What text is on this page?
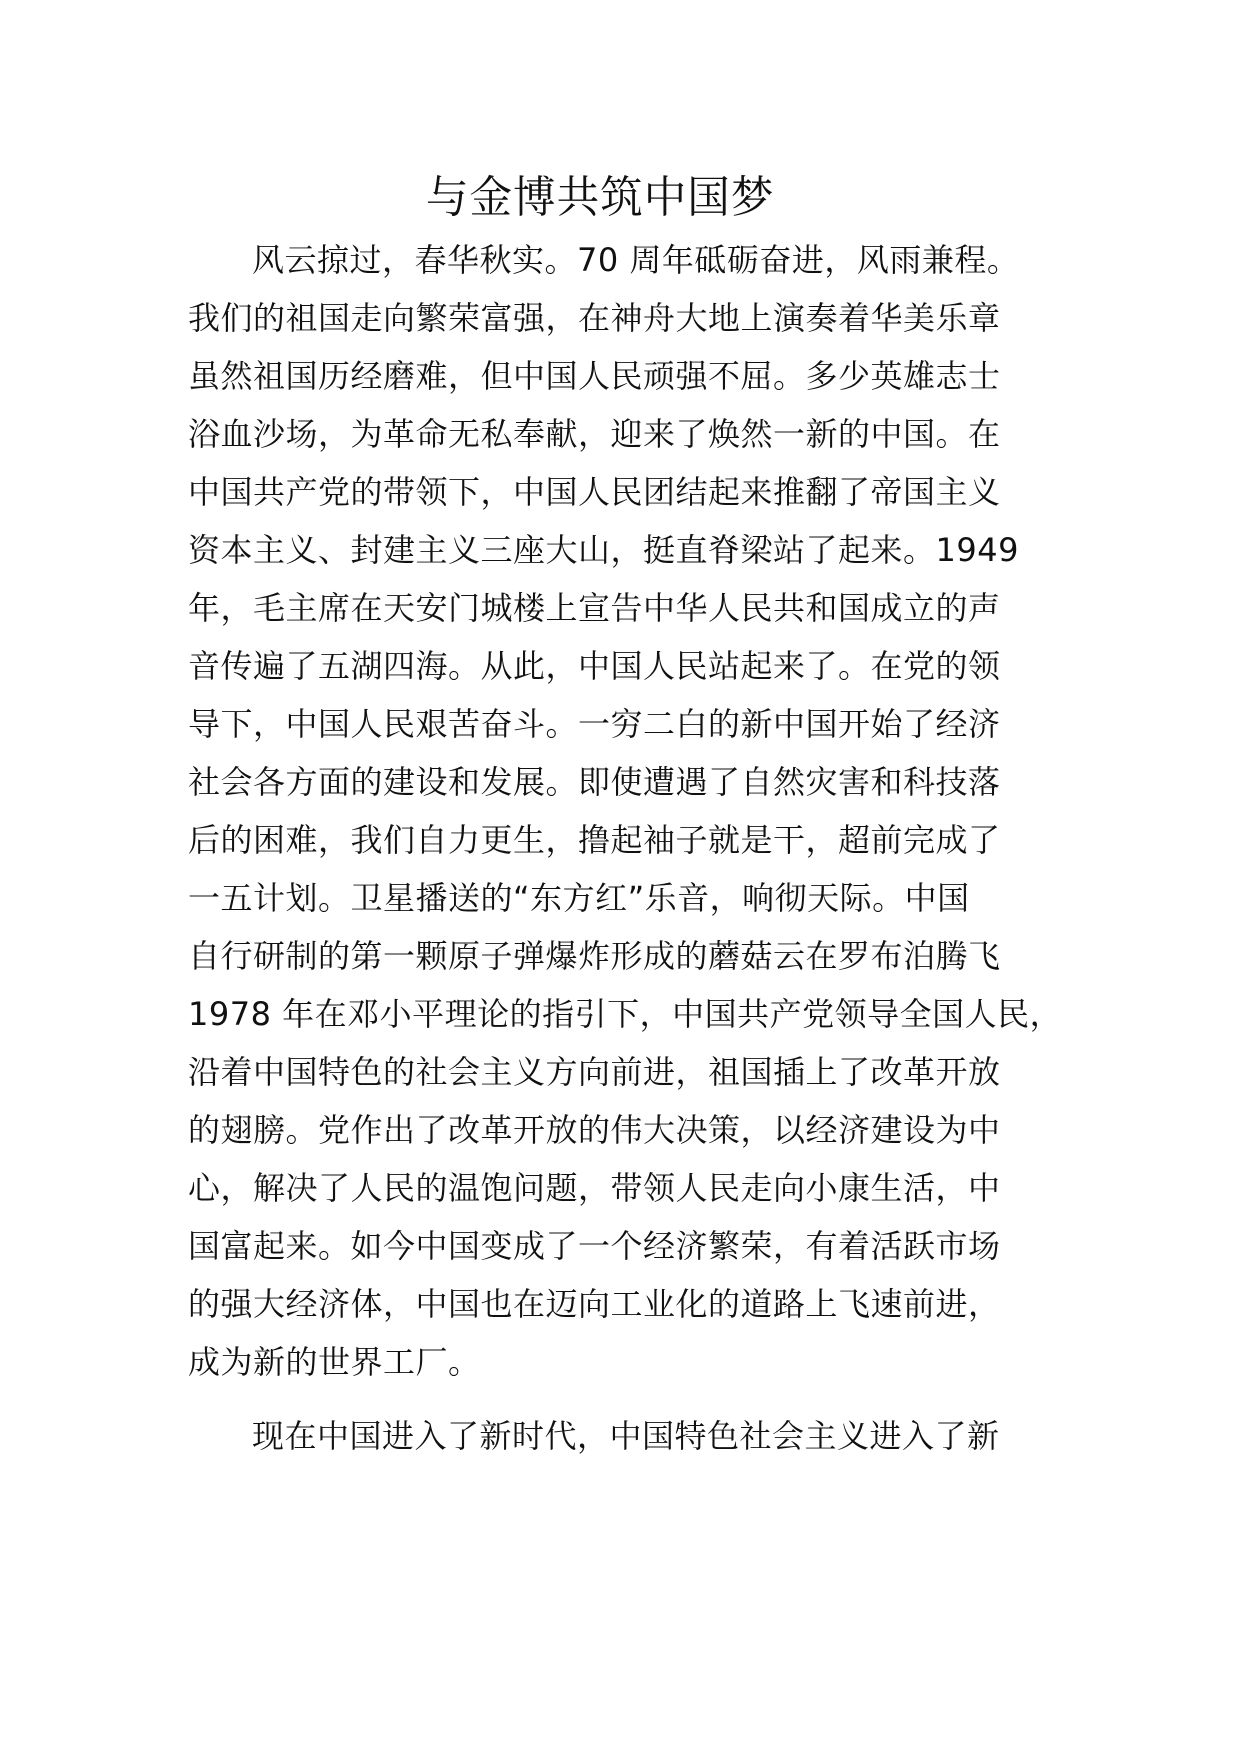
与金博共筑中国梦
风云掠过，春华秋实。70 周年砥砺奋进，风雨兼程。
我们的祖国走向繁荣富强，在神舟大地上演奏着华美乐章
虽然祖国历经磨难，但中国人民顽强不屈。多少英雄志士
浴血沙场，为革命无私奉献，迎来了焕然一新的中国。在
中国共产党的带领下，中国人民团结起来推翻了帝国主义
资本主义、封建主义三座大山，挺直脊梁站了起来。1949
年，毛主席在天安门城楼上宣告中华人民共和国成立的声
音传遍了五湖四海。从此，中国人民站起来了。在党的领
导下，中国人民艰苦奋斗。一穷二白的新中国开始了经济
社会各方面的建设和发展。即使遭遇了自然灾害和科技落
后的困难，我们自力更生，撸起袖子就是干，超前完成了
一五计划。卫星播送的“东方红”乐音，响彻天际。中国
自行研制的第一颗原子弹爆炸形成的蘑菇云在罗布泊腾飞
1978 年在邓小平理论的指引下，中国共产党领导全国人民，
沿着中国特色的社会主义方向前进，祖国插上了改革开放
的翅膀。党作出了改革开放的伟大决策，以经济建设为中
心，解决了人民的温饱问题，带领人民走向小康生活，中
国富起来。如今中国变成了一个经济繁荣，有着活跃市场
的强大经济体，中国也在迈向工业化的道路上飞速前进，
成为新的世界工厂。
现在中国进入了新时代，中国特色社会主义进入了新
